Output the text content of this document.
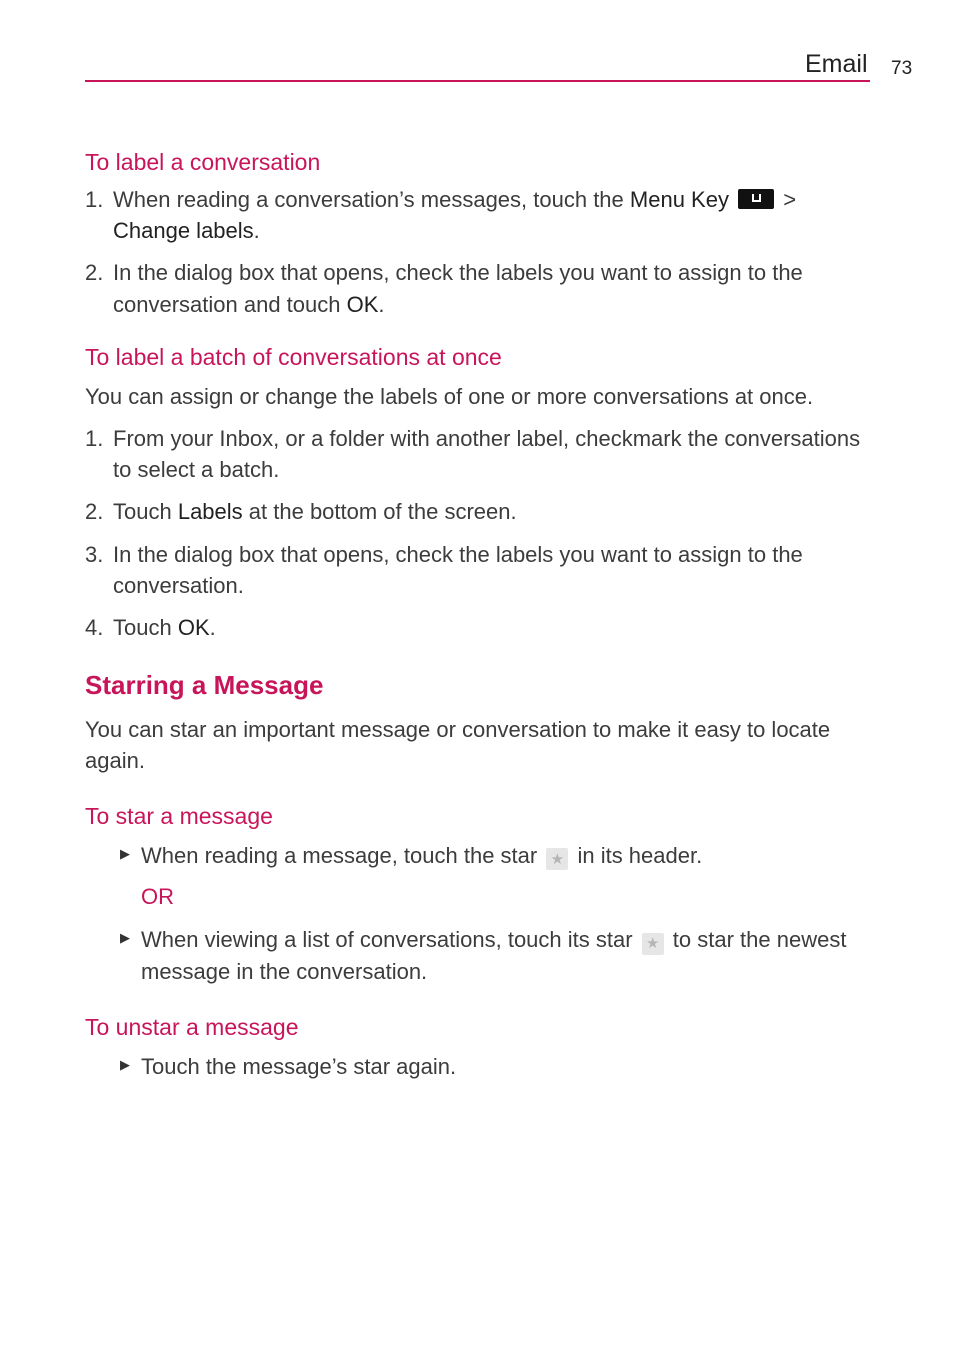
Email 73
To label a conversation
1. When reading a conversation’s messages, touch the Menu Key  > Change labels.
2. In the dialog box that opens, check the labels you want to assign to the conversation and touch OK.
To label a batch of conversations at once

You can assign or change the labels of one or more conversations at once.

1. From your Inbox, or a folder with another label, checkmark the conversations to select a batch.
2. Touch Labels at the bottom of the screen.
3. In the dialog box that opens, check the labels you want to assign to the conversation.
4. Touch OK.
Starring a Message

You can star an important message or conversation to make it easy to locate again.

To star a message
▶ When reading a message, touch the star ★ in its header.

OR

▶ When viewing a list of conversations, touch its star ★ to star the newest message in the conversation.
To unstar a message
▶ Touch the message’s star again.
